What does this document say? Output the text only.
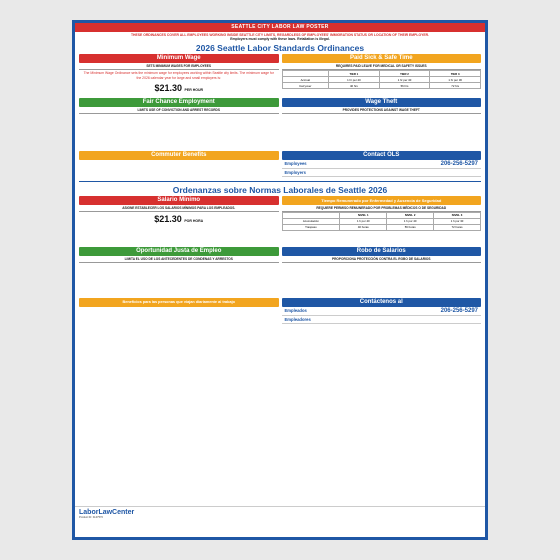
SEATTLE CITY LABOR LAW POSTER
THESE ORDINANCES COVER ALL EMPLOYEES WORKING INSIDE SEATTLE CITY LIMITS, REGARDLESS OF EMPLOYEES' IMMIGRATION STATUS OR LOCATION OF THEIR EMPLOYER.
Employers must comply with these laws. Retaliation is illegal.
2026 Seattle Labor Standards Ordinances
Minimum Wage
SETS MINIMUM WAGES FOR EMPLOYEES
The Minimum Wage Ordinance sets the minimum wage for employees working within Seattle city limits. The minimum wage for the 2026 calendar year for large and small employers is:
$21.30 PER HOUR
Paid Sick & Safe Time
REQUIRES PAID LEAVE FOR MEDICAL OR SAFETY ISSUES
	TIER 1	TIER 2	TIER 3
Accrual	1 hr per 40	1 hr per 40	1 hr per 30
Carryover	40 hrs	56 hrs	72 hrs
Fair Chance Employment
LIMITS USE OF CONVICTION AND ARREST RECORDS
Wage Theft
PROVIDES PROTECTIONS AGAINST WAGE THEFT
Commuter Benefits	Contact OLS
Employees	206-256-5297
Employers
Ordenanzas sobre Normas Laborales de Seattle 2026
Salario Mínimo
ASIGNE ESTABLECER LOS SALARIOS MÍNIMOS PARA LOS EMPLEADOS.
$21.30 POR HORA
Tiempo Remunerado por Enfermedad y Ausencia de Seguridad
REQUIERE PERMISO REMUNERADO POR PROBLEMAS MÉDICOS O DE SEGURIDAD
	NIVEL 1	NIVEL 2	NIVEL 3
Acumulación	1 h por 40	1 h por 40	1 h por 30
Traspaso	40 horas	56 horas	72 horas
Oportunidad Justa de Empleo
LIMITA EL USO DE LOS ANTECEDENTES DE CONDENAS Y ARRESTOS
Robo de Salarios
PROPORCIONA PROTECCIÓN CONTRA EL ROBO DE SALARIOS
Beneficios para las personas que viajan diariamente al trabajo	Contáctenos al
Empleados	206-256-5297
Empleadores
LaborLawCenter
Product ID: FL07570
